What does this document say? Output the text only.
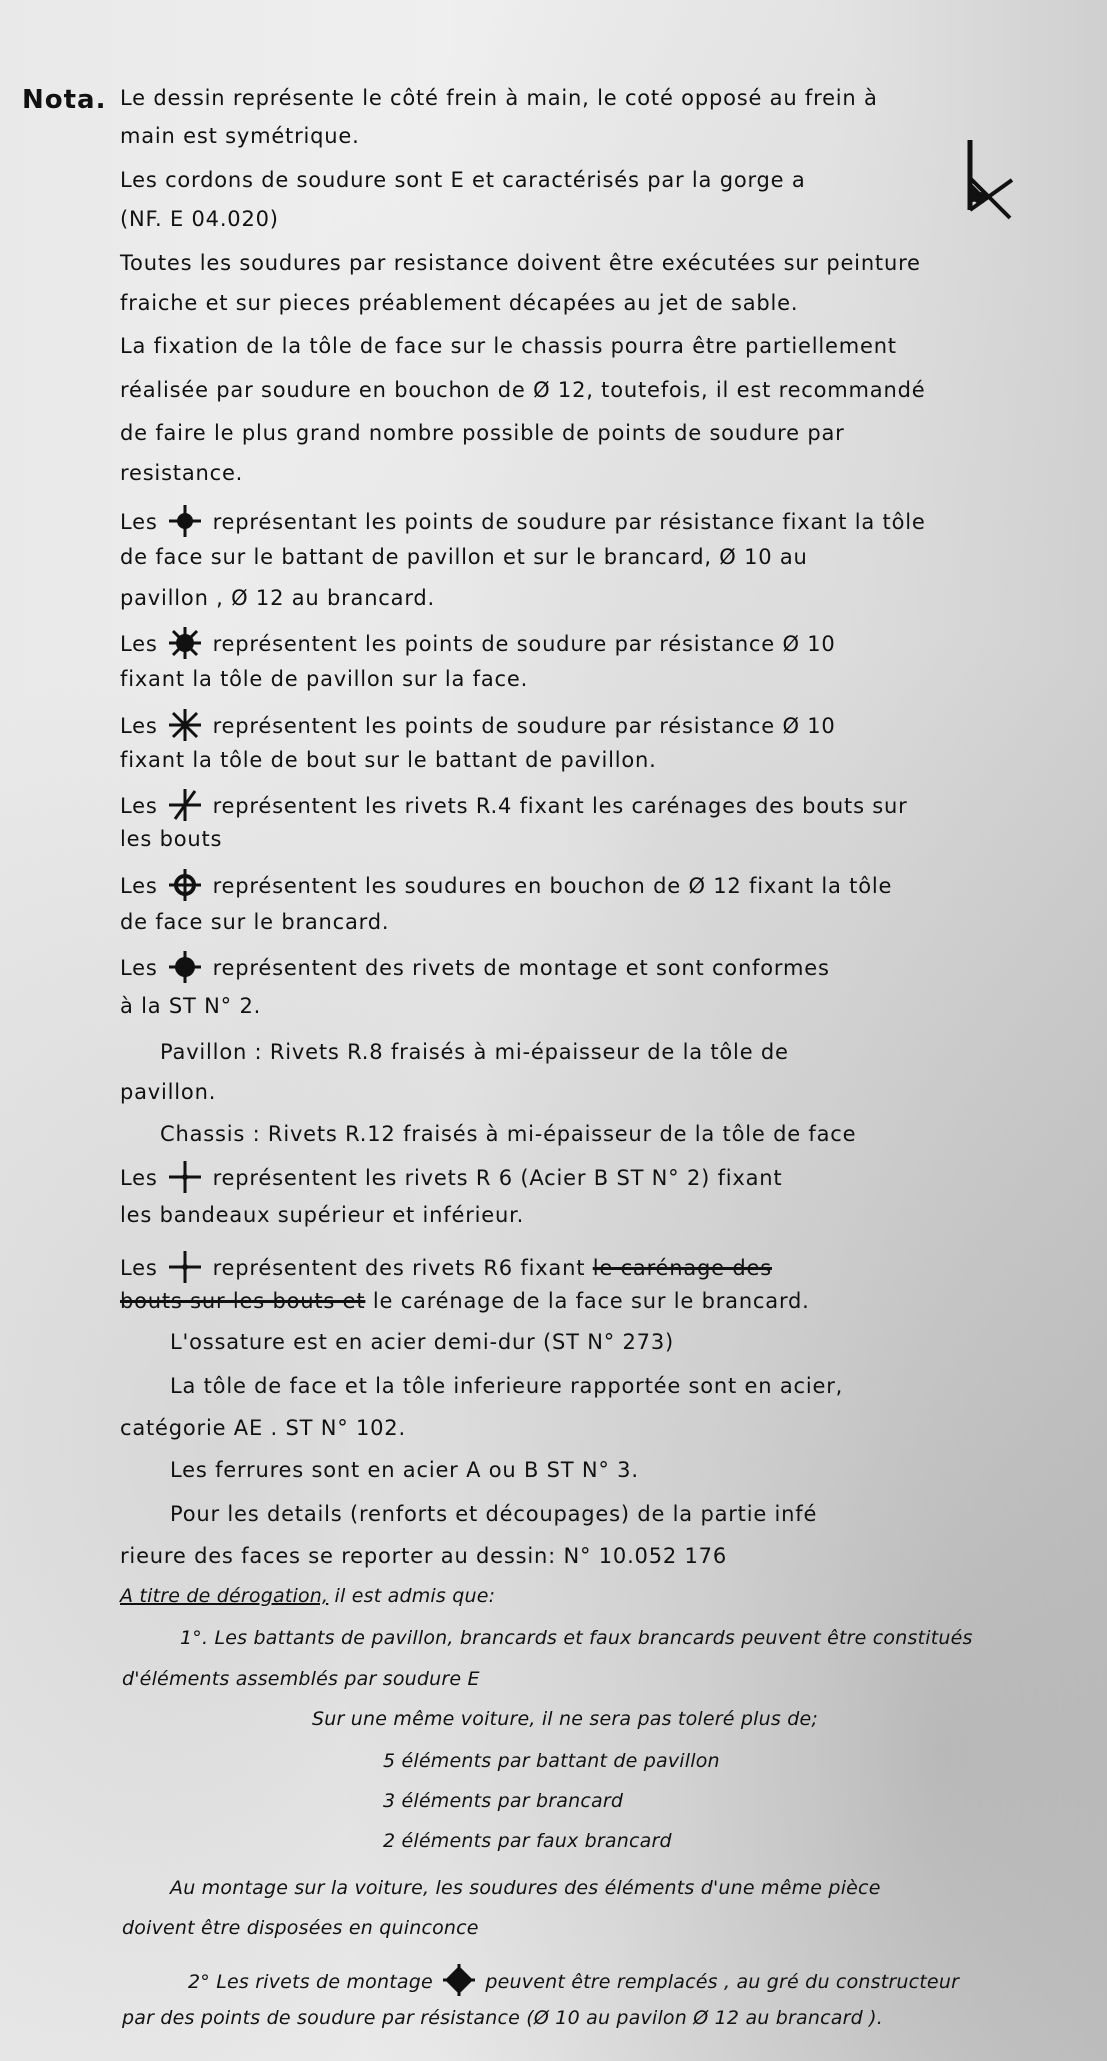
Nota. Le dessin représente le côté frein à main, le coté opposé au frein à
main est symétrique.
Les cordons de soudure sont E et caractérisés par la gorge a
(NF. E 04.020)
Toutes les soudures par resistance doivent être exécutées sur peinture
fraiche et sur pieces préablement décapées au jet de sable.
La fixation de la tôle de face sur le chassis pourra être partiellement
réalisée par soudure en bouchon de Ø 12, toutefois, il est recommandé
de faire le plus grand nombre possible de points de soudure par
resistance.
Les	représentant les points de soudure par résistance fixant la tôle
de face sur le battant de pavillon et sur le brancard, Ø 10 au
pavillon , Ø 12 au brancard.
Les	représentent les points de soudure par résistance Ø 10
fixant la tôle de pavillon sur la face.
Les	représentent les points de soudure par résistance Ø 10
fixant la tôle de bout sur le battant de pavillon.
Les	représentent les rivets R.4 fixant les carénages des bouts sur
les bouts
Les	représentent les soudures en bouchon de Ø 12 fixant la tôle
de face sur le brancard.
Les	représentent des rivets de montage et sont conformes
à la ST N° 2.
Pavillon : Rivets R.8 fraisés à mi-épaisseur de la tôle de
pavillon.
Chassis : Rivets R.12 fraisés à mi-épaisseur de la tôle de face
Les	représentent les rivets R 6 (Acier B ST N° 2) fixant
les bandeaux supérieur et inférieur.
Les	représentent des rivets R6 fixant le carénage des
bouts sur les bouts et le carénage de la face sur le brancard.
L'ossature est en acier demi-dur (ST N° 273)
La tôle de face et la tôle inferieure rapportée sont en acier,
catégorie AE . ST N° 102.
Les ferrures sont en acier A ou B ST N° 3.
Pour les details (renforts et découpages) de la partie infé
rieure des faces se reporter au dessin: N° 10.052 176
A titre de dérogation, il est admis que:
1°. Les battants de pavillon, brancards et faux brancards peuvent être constitués
d'éléments assemblés par soudure E
Sur une même voiture, il ne sera pas toleré plus de;
5 éléments par battant de pavillon
3 éléments par brancard
2 éléments par faux brancard
Au montage sur la voiture, les soudures des éléments d'une même pièce
doivent être disposées en quinconce
2° Les rivets de montage	peuvent être remplacés , au gré du constructeur
par des points de soudure par résistance (Ø 10 au pavilon Ø 12 au brancard ).
